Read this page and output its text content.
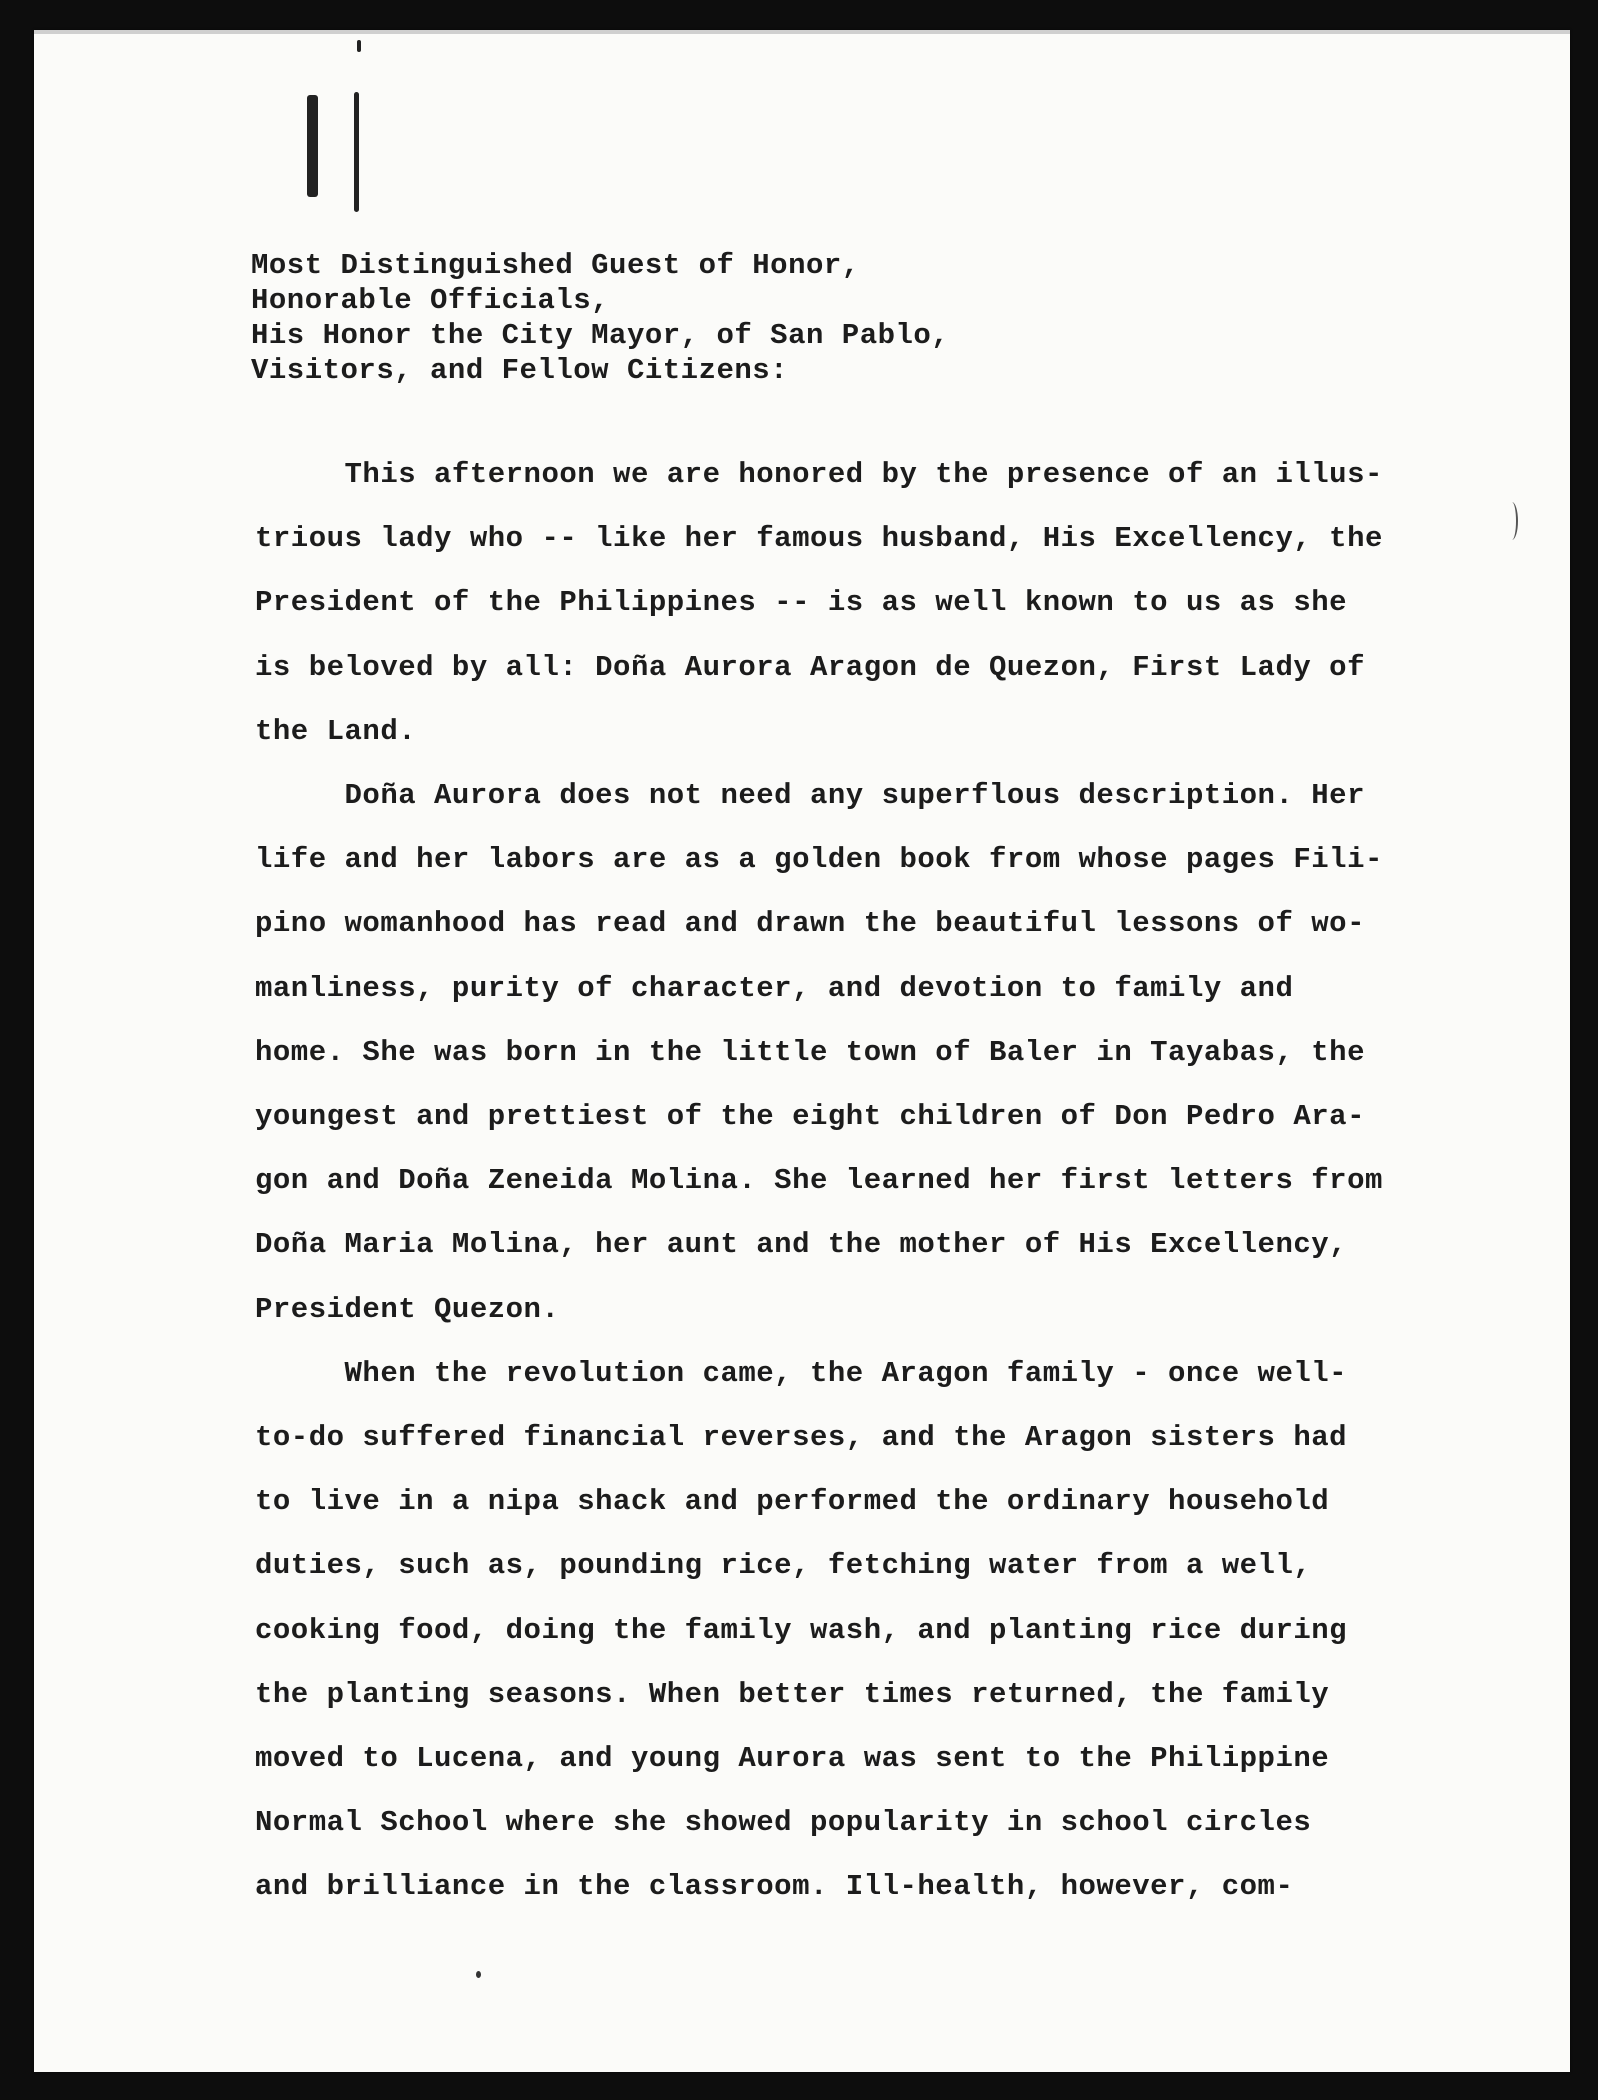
Most Distinguished Guest of Honor,
Honorable Officials,
His Honor the City Mayor, of San Pablo,
Visitors, and Fellow Citizens:
This afternoon we are honored by the presence of an illus-
trious lady who -- like her famous husband, His Excellency, the
President of the Philippines -- is as well known to us as she
is beloved by all: Doña Aurora Aragon de Quezon, First Lady of
the Land.
Doña Aurora does not need any superflous description. Her
life and her labors are as a golden book from whose pages Fili-
pino womanhood has read and drawn the beautiful lessons of wo-
manliness, purity of character, and devotion to family and
home. She was born in the little town of Baler in Tayabas, the
youngest and prettiest of the eight children of Don Pedro Ara-
gon and Doña Zeneida Molina. She learned her first letters from
Doña Maria Molina, her aunt and the mother of His Excellency,
President Quezon.
When the revolution came, the Aragon family - once well-
to-do suffered financial reverses, and the Aragon sisters had
to live in a nipa shack and performed the ordinary household
duties, such as, pounding rice, fetching water from a well,
cooking food, doing the family wash, and planting rice during
the planting seasons. When better times returned, the family
moved to Lucena, and young Aurora was sent to the Philippine
Normal School where she showed popularity in school circles
and brilliance in the classroom. Ill-health, however, com-
